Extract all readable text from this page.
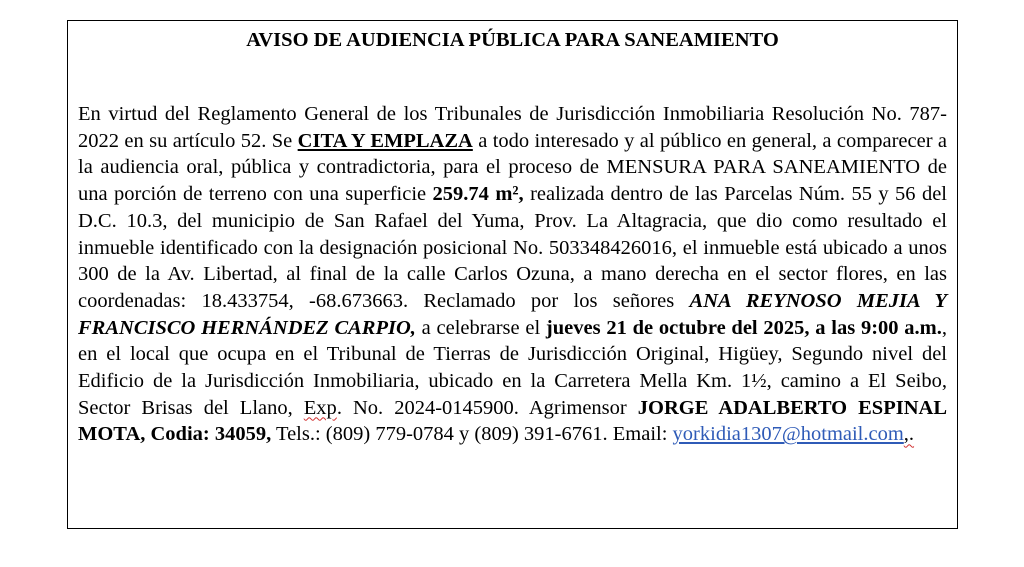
AVISO DE AUDIENCIA PÚBLICA PARA SANEAMIENTO

En virtud del Reglamento General de los Tribunales de Jurisdicción Inmobiliaria Resolución No. 787-2022 en su artículo 52. Se CITA Y EMPLAZA a todo interesado y al público en general, a comparecer a la audiencia oral, pública y contradictoria, para el proceso de MENSURA PARA SANEAMIENTO de una porción de terreno con una superficie 259.74 m², realizada dentro de las Parcelas Núm. 55 y 56 del D.C. 10.3, del municipio de San Rafael del Yuma, Prov. La Altagracia, que dio como resultado el inmueble identificado con la designación posicional No. 503348426016, el inmueble está ubicado a unos 300 de la Av. Libertad, al final de la calle Carlos Ozuna, a mano derecha en el sector flores, en las coordenadas: 18.433754, -68.673663. Reclamado por los señores ANA REYNOSO MEJIA Y FRANCISCO HERNÁNDEZ CARPIO, a celebrarse el jueves 21 de octubre del 2025, a las 9:00 a.m., en el local que ocupa en el Tribunal de Tierras de Jurisdicción Original, Higüey, Segundo nivel del Edificio de la Jurisdicción Inmobiliaria, ubicado en la Carretera Mella Km. 1½, camino a El Seibo, Sector Brisas del Llano, Exp. No. 2024-0145900. Agrimensor JORGE ADALBERTO ESPINAL MOTA, Codia: 34059, Tels.: (809) 779-0784 y (809) 391-6761. Email: yorkidia1307@hotmail.com,.
